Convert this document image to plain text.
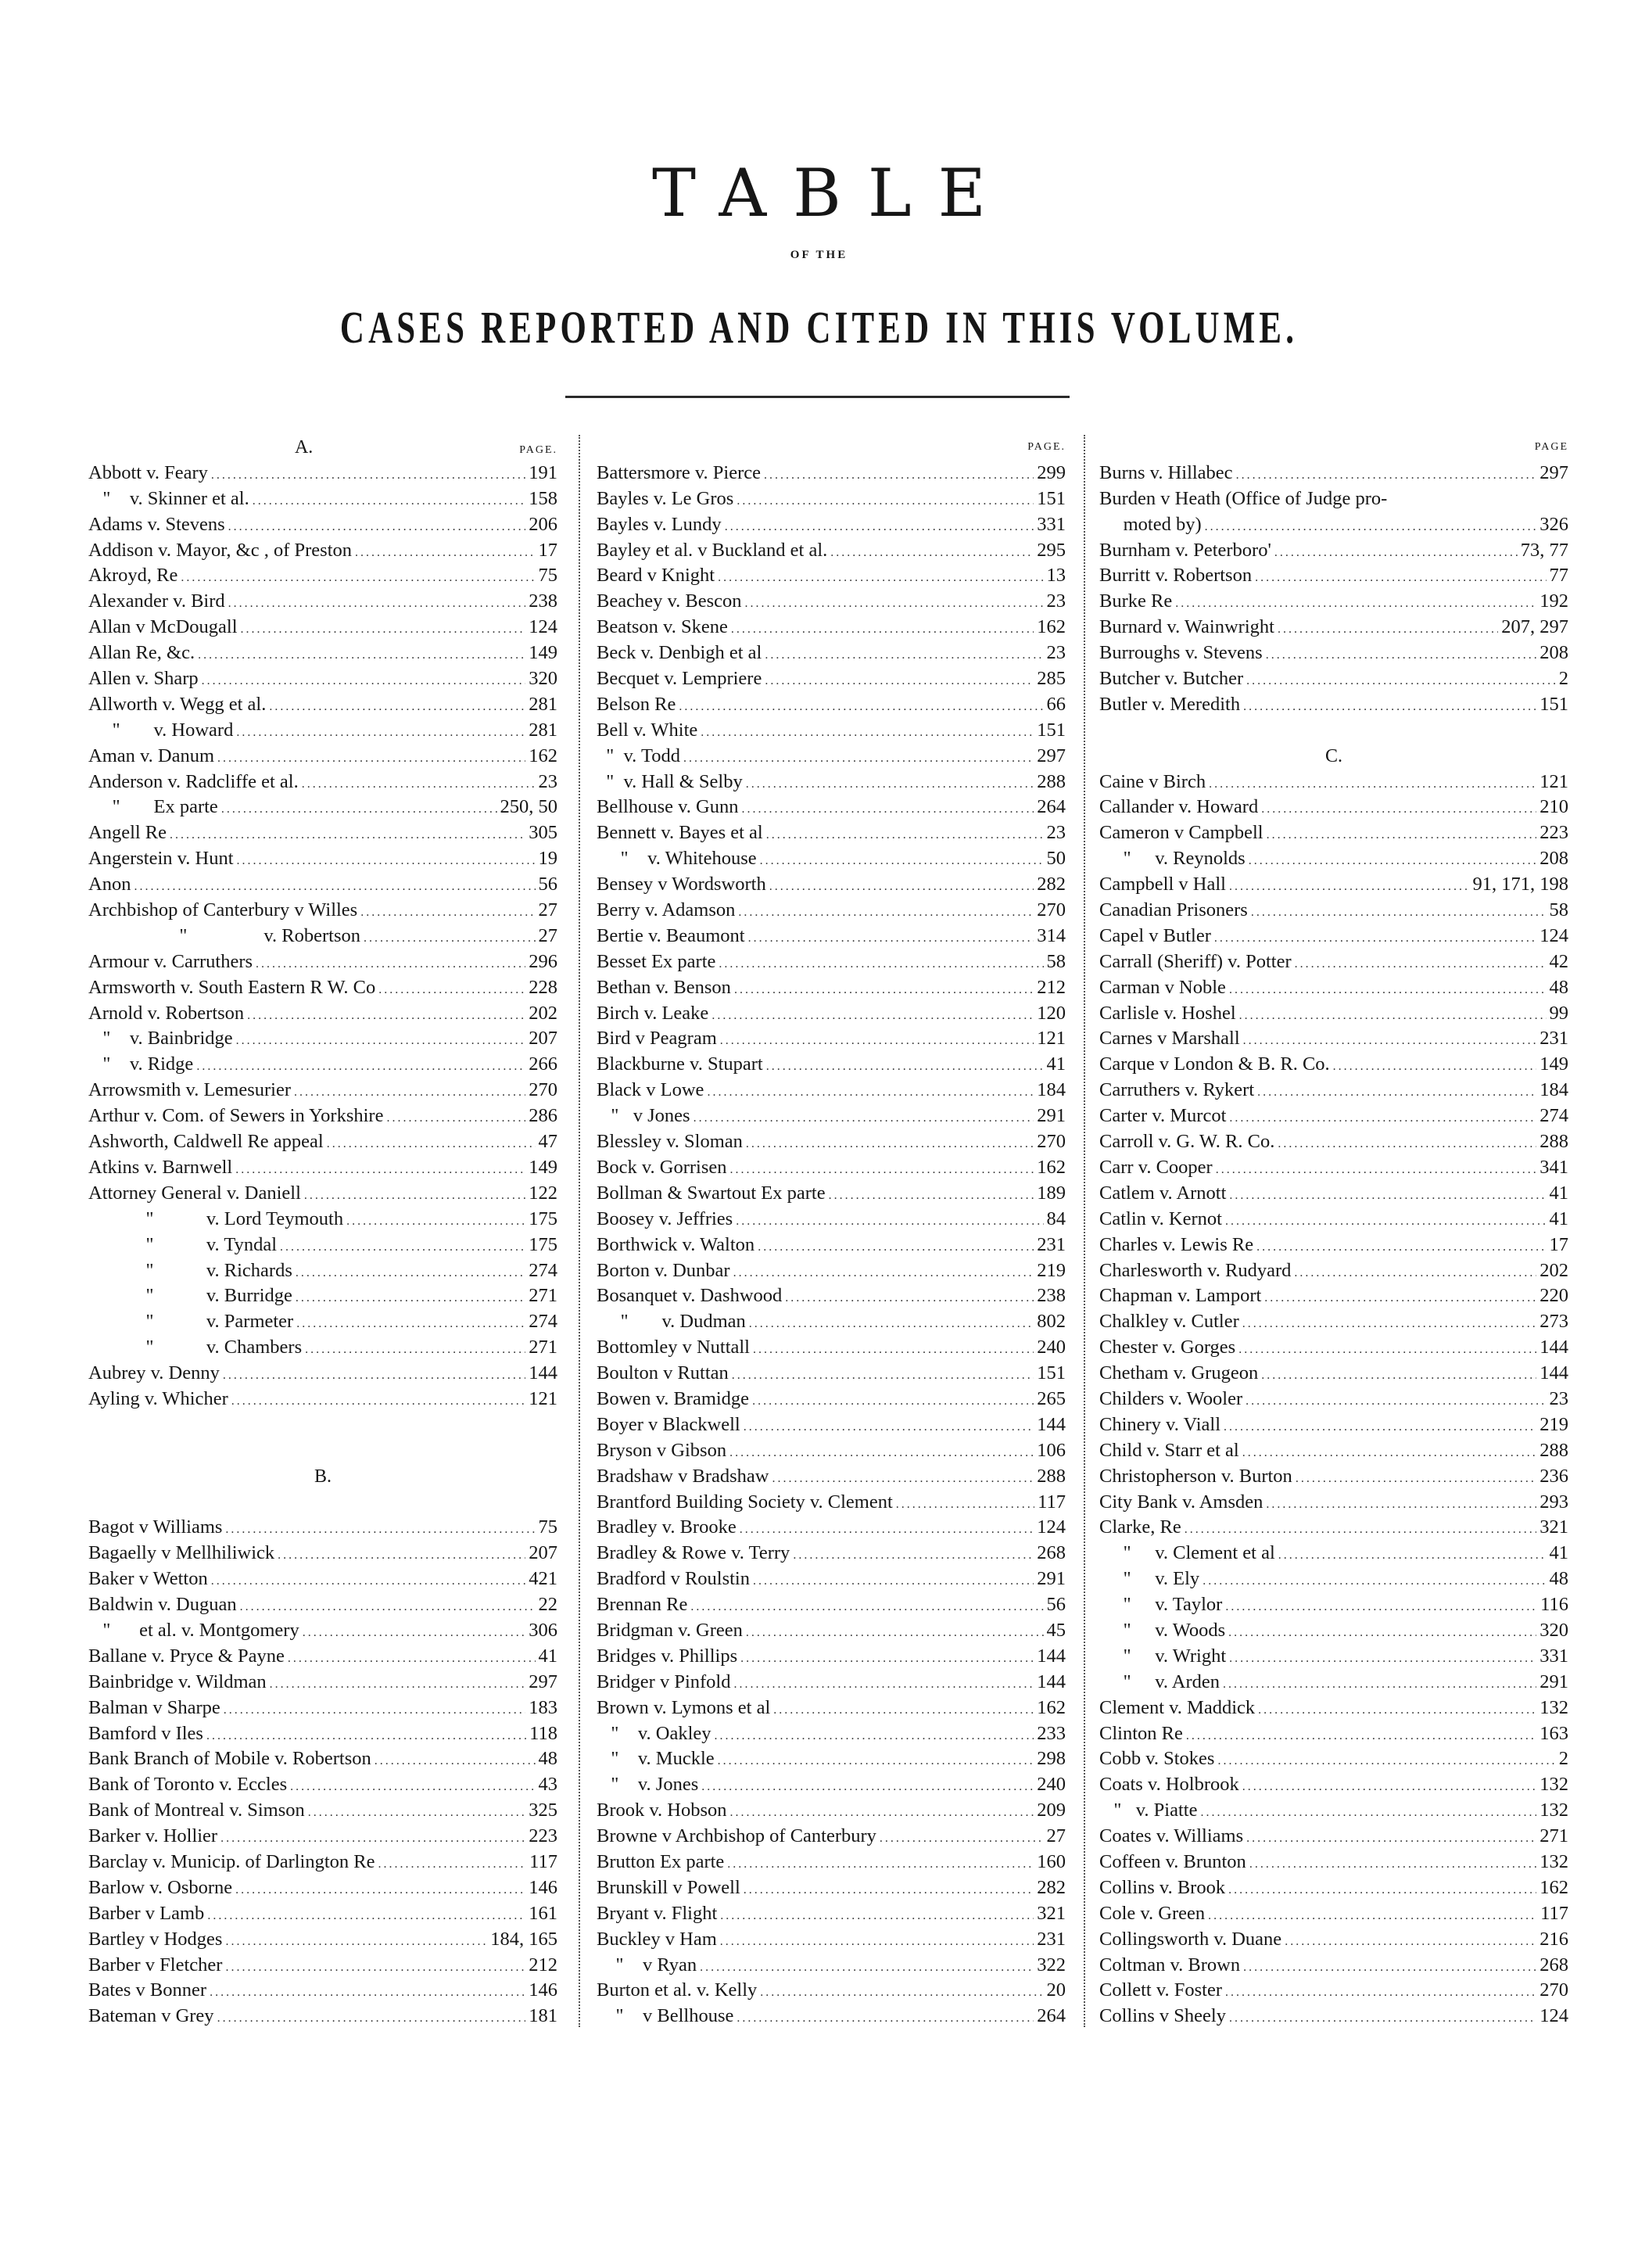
TABLE
OF THE
CASES REPORTED AND CITED IN THIS VOLUME.
A.	PAGE.
Abbott v. Feary .....	191
"    v. Skinner et al. .....	158
Adams v. Stevens .....	206
Addison v. Mayor, &c , of Preston .....	17
Akroyd, Re .....	75
Alexander v. Bird .....	238
Allan v McDougall .....	124
Allan Re, &c. .....	149
Allen v. Sharp .....	320
Allworth v. Wegg et al. .....	281
"       v. Howard .....	281
Aman v. Danum .....	162
Anderson v. Radcliffe et al. .....	23
"       Ex parte .....	250, 50
Angell Re .....	305
Angerstein v. Hunt .....	19
Anon .....	56
Archbishop of Canterbury v Willes .....	27
"                v. Robertson .....	27
Armour v. Carruthers .....	296
Armsworth v. South Eastern R W. Co .....	228
Arnold v. Robertson .....	202
"    v. Bainbridge .....	207
"    v. Ridge .....	266
Arrowsmith v. Lemesurier .....	270
Arthur v. Com. of Sewers in Yorkshire .....	286
Ashworth, Caldwell Re appeal .....	47
Atkins v. Barnwell .....	149
Attorney General v. Daniell .....	122
"           v. Lord Teymouth .....	175
"           v. Tyndal .....	175
"           v. Richards .....	274
"           v. Burridge .....	271
"           v. Parmeter .....	274
"           v. Chambers .....	271
Aubrey v. Denny .....	144
Ayling v. Whicher .....	121
B.
Bagot v Williams .....	75
Bagaelly v Mellhiliwick .....	207
Baker v Wetton .....	421
Baldwin v. Duguan .....	22
"      et al. v. Montgomery .....	306
Ballane v. Pryce & Payne .....	41
Bainbridge v. Wildman .....	297
Balman v Sharpe .....	183
Bamford v Iles .....	118
Bank Branch of Mobile v. Robertson .....	48
Bank of Toronto v. Eccles .....	43
Bank of Montreal v. Simson .....	325
Barker v. Hollier .....	223
Barclay v. Municip. of Darlington Re .....	117
Barlow v. Osborne .....	146
Barber v Lamb .....	161
Bartley v Hodges .....	184, 165
Barber v Fletcher .....	212
Bates v Bonner .....	146
Bateman v Grey .....	181
PAGE.
Battersmore v. Pierce .....	299
Bayles v. Le Gros .....	151
Bayles v. Lundy .....	331
Bayley et al. v Buckland et al. .....	295
Beard v Knight .....	13
Beachey v. Bescon .....	23
Beatson v. Skene .....	162
Beck v. Denbigh et al .....	23
Becquet v. Lempriere .....	285
Belson Re .....	66
Bell v. White .....	151
"  v. Todd .....	297
"  v. Hall & Selby .....	288
Bellhouse v. Gunn .....	264
Bennett v. Bayes et al .....	23
"    v. Whitehouse .....	50
Bensey v Wordsworth .....	282
Berry v. Adamson .....	270
Bertie v. Beaumont .....	314
Besset Ex parte .....	58
Bethan v. Benson .....	212
Birch v. Leake .....	120
Bird v Peagram .....	121
Blackburne v. Stupart .....	41
Black v Lowe .....	184
"   v Jones .....	291
Blessley v. Sloman .....	270
Bock v. Gorrisen .....	162
Bollman & Swartout Ex parte .....	189
Boosey v. Jeffries .....	84
Borthwick v. Walton .....	231
Borton v. Dunbar .....	219
Bosanquet v. Dashwood .....	238
"       v. Dudman .....	802
Bottomley v Nuttall .....	240
Boulton v Ruttan .....	151
Bowen v. Bramidge .....	265
Boyer v Blackwell .....	144
Bryson v Gibson .....	106
Bradshaw v Bradshaw .....	288
Brantford Building Society v. Clement .....	117
Bradley v. Brooke .....	124
Bradley & Rowe v. Terry .....	268
Bradford v Roulstin .....	291
Brennan Re .....	56
Bridgman v. Green .....	45
Bridges v. Phillips .....	144
Bridger v Pinfold .....	144
Brown v. Lymons et al .....	162
"    v. Oakley .....	233
"    v. Muckle .....	298
"    v. Jones .....	240
Brook v. Hobson .....	209
Browne v Archbishop of Canterbury .....	27
Brutton Ex parte .....	160
Brunskill v Powell .....	282
Bryant v. Flight .....	321
Buckley v Ham .....	231
"    v Ryan .....	322
Burton et al. v. Kelly .....	20
"    v Bellhouse .....	264
PAGE
Burns v. Hillabec .....	297
Burden v Heath (Office of Judge pro-
moted by) .....	326
Burnham v. Peterboro' .....	73, 77
Burritt v. Robertson .....	77
Burke Re .....	192
Burnard v. Wainwright .....	207, 297
Burroughs v. Stevens .....	208
Butcher v. Butcher .....	2
Butler v. Meredith .....	151
C.
Caine v Birch .....	121
Callander v. Howard .....	210
Cameron v Campbell .....	223
"     v. Reynolds .....	208
Campbell v Hall .....	91, 171, 198
Canadian Prisoners .....	58
Capel v Butler .....	124
Carrall (Sheriff) v. Potter .....	42
Carman v Noble .....	48
Carlisle v. Hoshel .....	99
Carnes v Marshall .....	231
Carque v London & B. R. Co. .....	149
Carruthers v. Rykert .....	184
Carter v. Murcot .....	274
Carroll v. G. W. R. Co. .....	288
Carr v. Cooper .....	341
Catlem v. Arnott .....	41
Catlin v. Kernot .....	41
Charles v. Lewis Re .....	17
Charlesworth v. Rudyard .....	202
Chapman v. Lamport .....	220
Chalkley v. Cutler .....	273
Chester v. Gorges .....	144
Chetham v. Grugeon .....	144
Childers v. Wooler .....	23
Chinery v. Viall .....	219
Child v. Starr et al .....	288
Christopherson v. Burton .....	236
City Bank v. Amsden .....	293
Clarke, Re .....	321
"     v. Clement et al .....	41
"     v. Ely .....	48
"     v. Taylor .....	116
"     v. Woods .....	320
"     v. Wright .....	331
"     v. Arden .....	291
Clement v. Maddick .....	132
Clinton Re .....	163
Cobb v. Stokes .....	2
Coats v. Holbrook .....	132
"   v. Piatte .....	132
Coates v. Williams .....	271
Coffeen v. Brunton .....	132
Collins v. Brook .....	162
Cole v. Green .....	117
Collingsworth v. Duane .....	216
Coltman v. Brown .....	268
Collett v. Foster .....	270
Collins v Sheely .....	124
